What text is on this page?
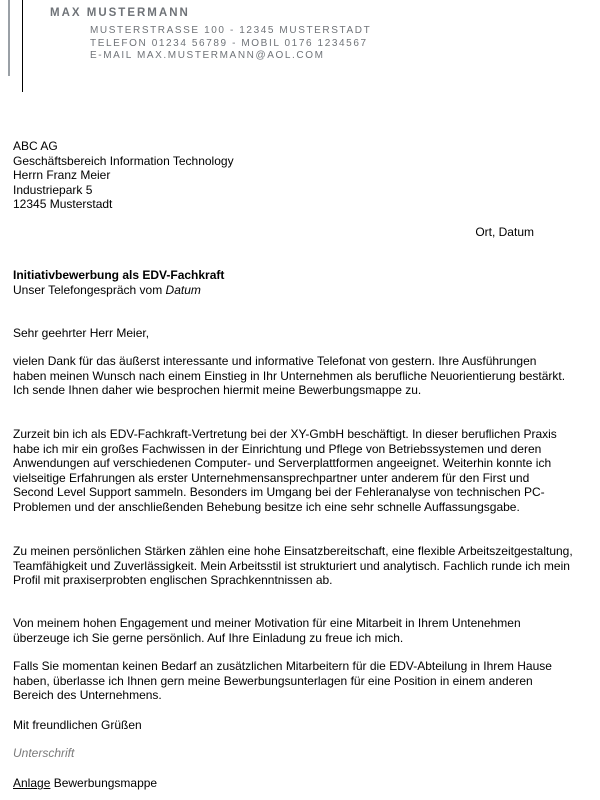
MAX MUSTERMANN
MUSTERSTRASSE 100 - 12345 MUSTERSTADT
TELEFON 01234 56789 - MOBIL 0176 1234567
E-MAIL MAX.MUSTERMANN@AOL.COM
ABC AG
Geschäftsbereich Information Technology
Herrn Franz Meier
Industriepark 5
12345 Musterstadt
Ort, Datum
Initiativbewerbung als EDV-Fachkraft
Unser Telefongespräch vom Datum
Sehr geehrter Herr Meier,
vielen Dank für das äußerst interessante und informative Telefonat von gestern. Ihre Ausführungen haben meinen Wunsch nach einem Einstieg in Ihr Unternehmen als berufliche Neuorientierung bestärkt. Ich sende Ihnen daher wie besprochen hiermit meine Bewerbungsmappe zu.
Zurzeit bin ich als EDV-Fachkraft-Vertretung bei der XY-GmbH beschäftigt. In dieser beruflichen Praxis habe ich mir ein großes Fachwissen in der Einrichtung und Pflege von Betriebssystemen und deren Anwendungen auf verschiedenen Computer- und Serverplattformen angeeignet. Weiterhin konnte ich vielseitige Erfahrungen als erster Unternehmensansprechpartner unter anderem für den First und Second Level Support sammeln. Besonders im Umgang bei der Fehleranalyse von technischen PC-Problemen und der anschließenden Behebung besitze ich eine sehr schnelle Auffassungsgabe.
Zu meinen persönlichen Stärken zählen eine hohe Einsatzbereitschaft, eine flexible Arbeitszeitgestaltung, Teamfähigkeit und Zuverlässigkeit. Mein Arbeitsstil ist strukturiert und analytisch. Fachlich runde ich mein Profil mit praxiserprobten englischen Sprachkenntnissen ab.
Von meinem hohen Engagement und meiner Motivation für eine Mitarbeit in Ihrem Untenehmen überzeuge ich Sie gerne persönlich. Auf Ihre Einladung zu freue ich mich.
Falls Sie momentan keinen Bedarf an zusätzlichen Mitarbeitern für die EDV-Abteilung in Ihrem Hause haben, überlasse ich Ihnen gern meine Bewerbungsunterlagen für eine Position in einem anderen Bereich des Unternehmens.
Mit freundlichen Grüßen
Unterschrift
Anlage Bewerbungsmappe
